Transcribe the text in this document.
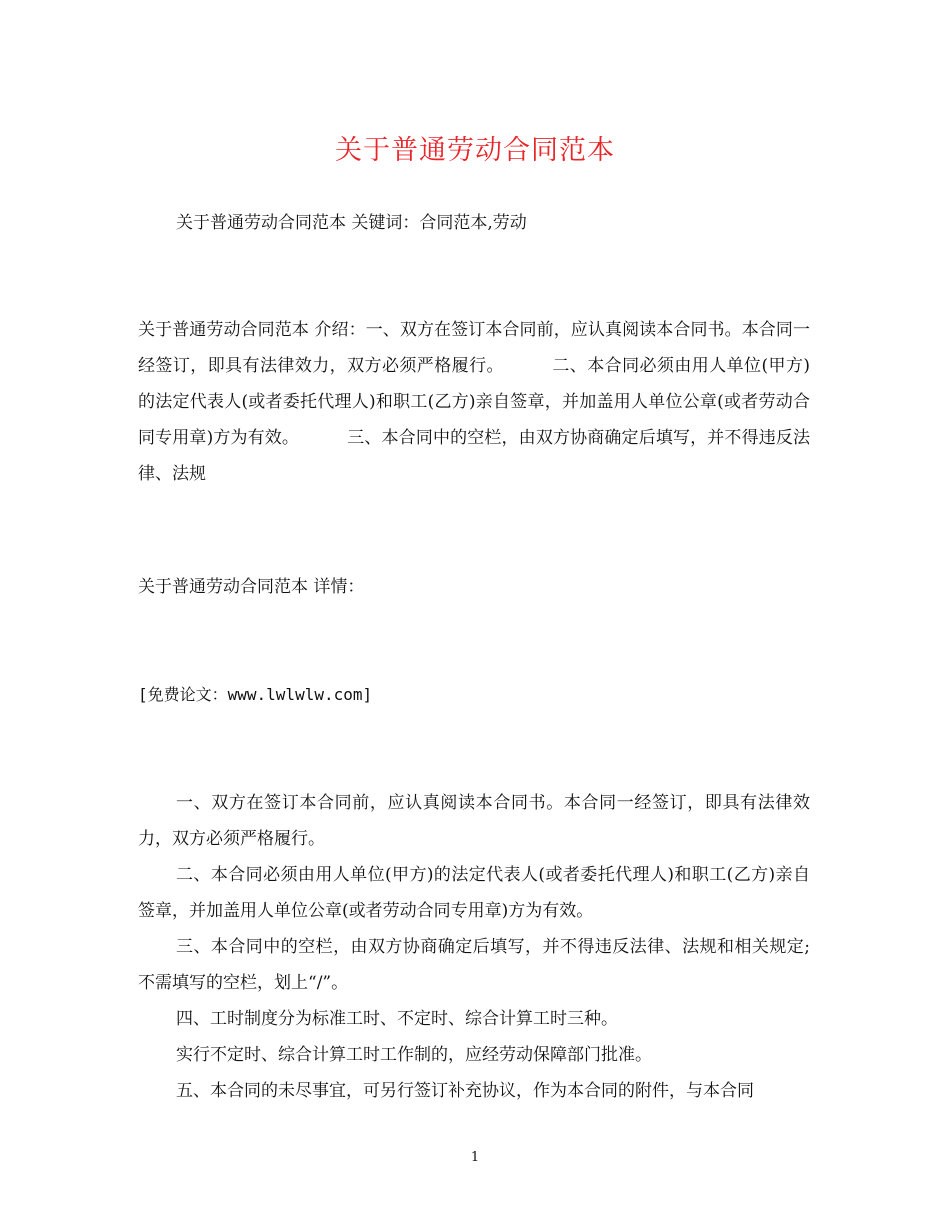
关于普通劳动合同范本
关于普通劳动合同范本 关键词：合同范本,劳动
关于普通劳动合同范本 介绍：一、双方在签订本合同前，应认真阅读本合同书。本合同一经签订，即具有法律效力，双方必须严格履行。	二、本合同必须由用人单位(甲方)的法定代表人(或者委托代理人)和职工(乙方)亲自签章，并加盖用人单位公章(或者劳动合同专用章)方为有效。	三、本合同中的空栏，由双方协商确定后填写，并不得违反法律、法规
关于普通劳动合同范本 详情：
[免费论文：www.lwlwlw.com]

一、双方在签订本合同前，应认真阅读本合同书。本合同一经签订，即具有法律效力，双方必须严格履行。

二、本合同必须由用人单位(甲方)的法定代表人(或者委托代理人)和职工(乙方)亲自签章，并加盖用人单位公章(或者劳动合同专用章)方为有效。

三、本合同中的空栏，由双方协商确定后填写，并不得违反法律、法规和相关规定;不需填写的空栏，划上“/”。

四、工时制度分为标准工时、不定时、综合计算工时三种。

实行不定时、综合计算工时工作制的，应经劳动保障部门批准。

五、本合同的未尽事宜，可另行签订补充协议，作为本合同的附件，与本合同

1
